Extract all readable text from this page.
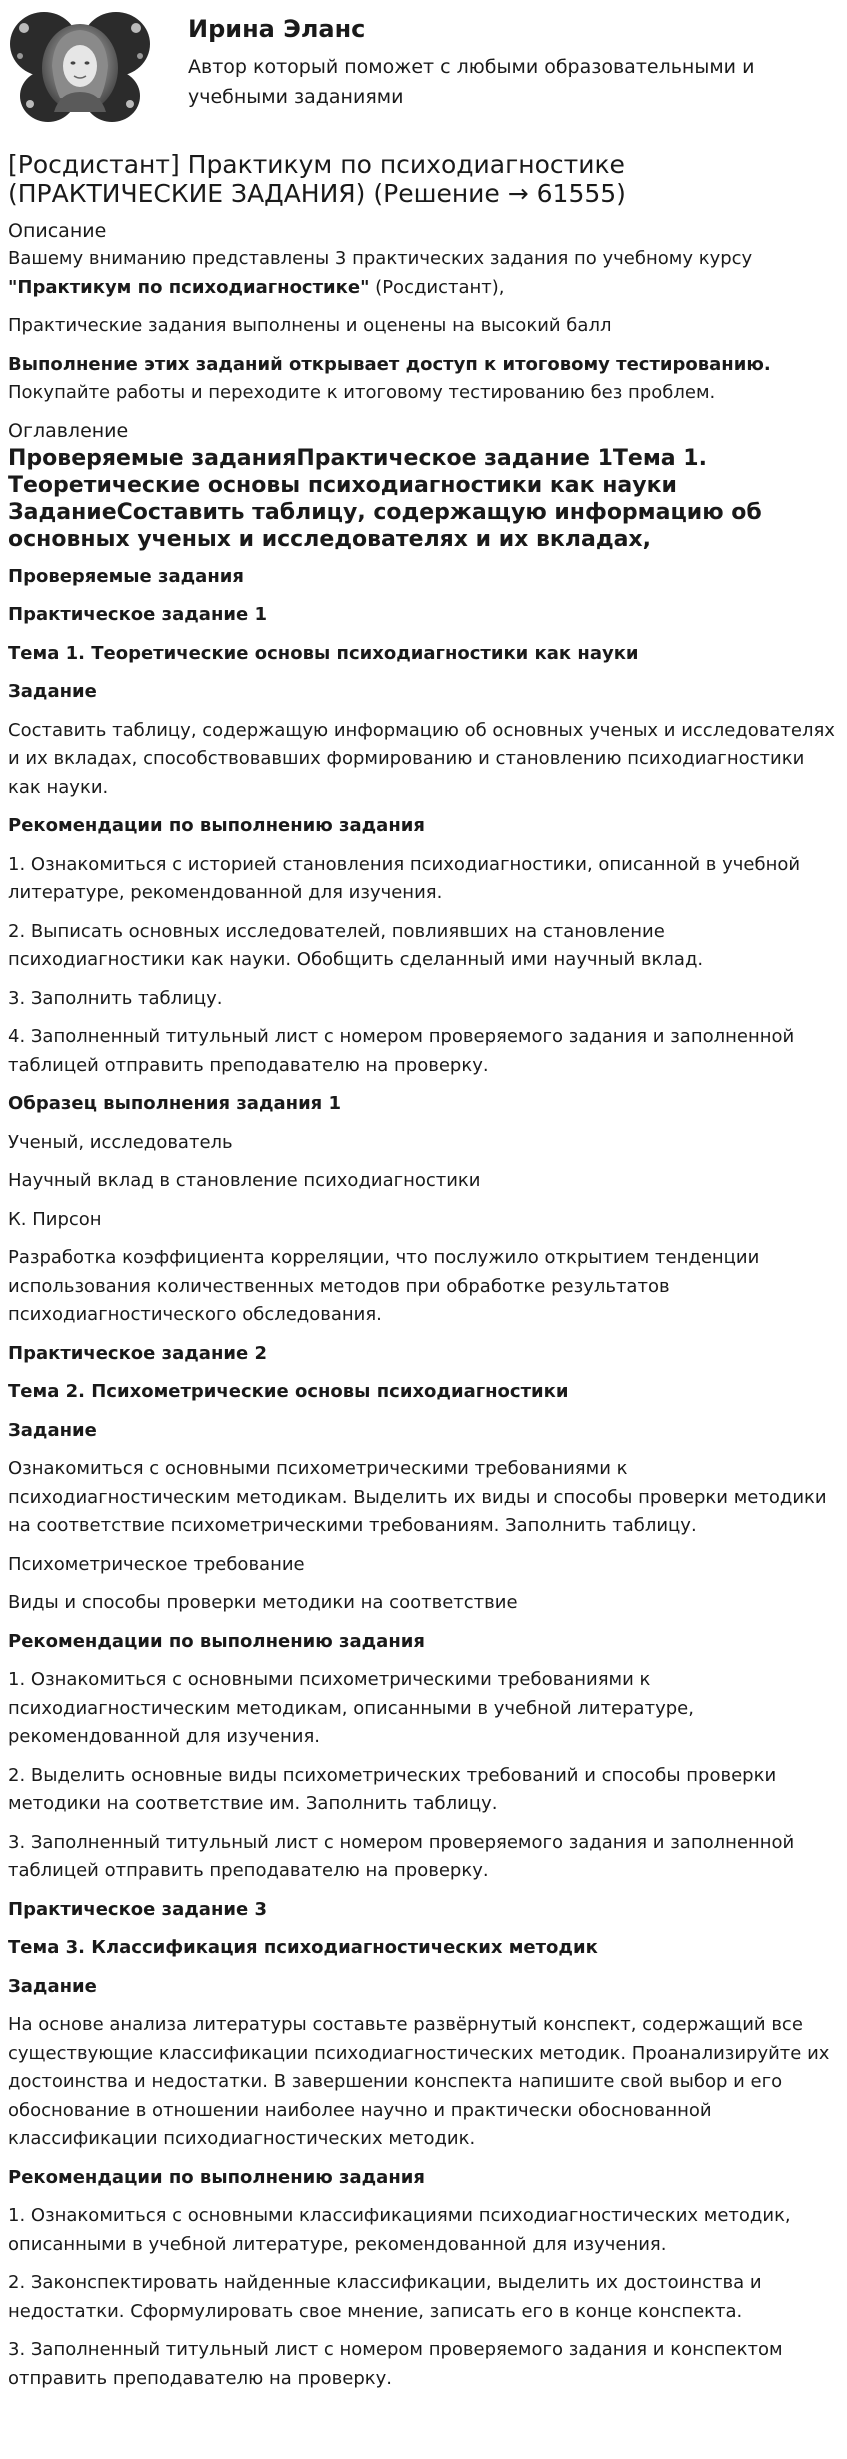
Ирина Эланс
Автор который поможет с любыми образовательными и учебными заданиями
[Росдистант] Практикум по психодиагностике (ПРАКТИЧЕСКИЕ ЗАДАНИЯ) (Решение → 61555)
Описание

Вашему вниманию представлены 3 практических задания по учебному курсу
"Практикум по психодиагностике" (Росдистант),

Практические задания выполнены и оценены на высокий балл

Выполнение этих заданий открывает доступ к итоговому тестированию. Покупайте работы и переходите к итоговому тестированию без проблем.

Оглавление
Проверяемые заданияПрактическое задание 1Тема 1. Теоретические основы психодиагностики как науки ЗаданиеСоставить таблицу, содержащую информацию об основных ученых и исследователях и их вкладах,
Проверяемые задания
Практическое задание 1
Тема 1. Теоретические основы психодиагностики как науки
Задание

Составить таблицу, содержащую информацию об основных ученых и исследователях и их вкладах, способствовавших формированию и становлению психодиагностики как науки.

Рекомендации по выполнению задания

1. Ознакомиться с историей становления психодиагностики, описанной в учебной литературе, рекомендованной для изучения.

2. Выписать основных исследователей, повлиявших на становление психодиагностики как науки. Обобщить сделанный ими научный вклад.

3. Заполнить таблицу.

4. Заполненный титульный лист с номером проверяемого задания и заполненной таблицей отправить преподавателю на проверку.

Образец выполнения задания 1

Ученый, исследователь

Научный вклад в становление психодиагностики

К. Пирсон

Разработка коэффициента корреляции, что послужило открытием тенденции использования количественных методов при обработке результатов психодиагностического обследования.

Практическое задание 2
Тема 2. Психометрические основы психодиагностики
Задание

Ознакомиться с основными психометрическими требованиями к психодиагностическим методикам. Выделить их виды и способы проверки методики на соответствие психометрическими требованиям. Заполнить таблицу.

Психометрическое требование

Виды и способы проверки методики на соответствие

Рекомендации по выполнению задания

1. Ознакомиться с основными психометрическими требованиями к психодиагностическим методикам, описанными в учебной литературе, рекомендованной для изучения.

2. Выделить основные виды психометрических требований и способы проверки методики на соответствие им. Заполнить таблицу.

3. Заполненный титульный лист с номером проверяемого задания и заполненной таблицей отправить преподавателю на проверку.

Практическое задание 3
Тема 3. Классификация психодиагностических методик
Задание

На основе анализа литературы составьте развёрнутый конспект, содержащий все существующие классификации психодиагностических методик. Проанализируйте их достоинства и недостатки. В завершении конспекта напишите свой выбор и его обоснование в отношении наиболее научно и практически обоснованной классификации психодиагностических методик.

Рекомендации по выполнению задания

1. Ознакомиться с основными классификациями психодиагностических методик, описанными в учебной литературе, рекомендованной для изучения.

2. Законспектировать найденные классификации, выделить их достоинства и недостатки. Сформулировать свое мнение, записать его в конце конспекта.

3. Заполненный титульный лист с номером проверяемого задания и конспектом отправить преподавателю на проверку.
